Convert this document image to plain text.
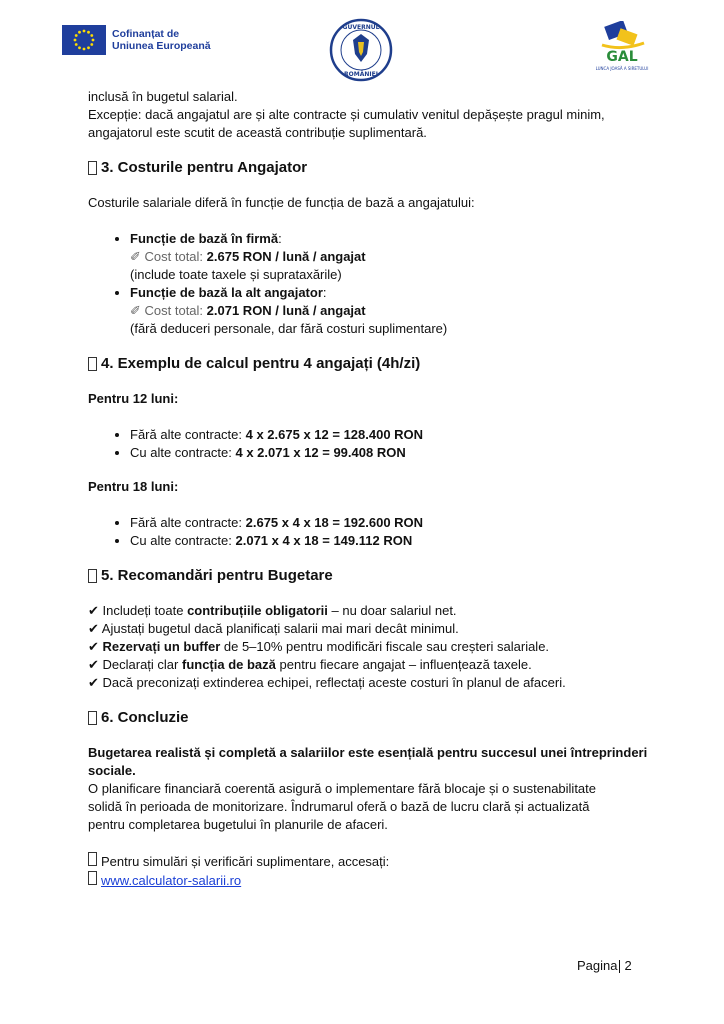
Cofinanțat de
Uniunea Europeană
GUVERNUL
ROMÂNIEI
GAL
LUNCA JOASĂ A SIRETULUI

inclusă în bugetul salarial.

Excepție: dacă angajatul are și alte contracte și cumulativ venitul depășește pragul minim,

angajatorul este scutit de această contribuție suplimentară.

3. Costurile pentru Angajator

Costurile salariale diferă în funcție de funcția de bază a angajatului:

• Funcție de bază în firmă:
✐ Cost total: 2.675 RON / lună / angajat
(include toate taxele și supratаxările)
• Funcție de bază la alt angajator:
✐ Cost total: 2.071 RON / lună / angajat
(fără deduceri personale, dar fără costuri suplimentare)
4. Exemplu de calcul pentru 4 angajați (4h/zi)

Pentru 12 luni:

• Fără alte contracte: 4 x 2.675 x 12 = 128.400 RON
• Cu alte contracte: 4 x 2.071 x 12 = 99.408 RON

Pentru 18 luni:

• Fără alte contracte: 2.675 x 4 x 18 = 192.600 RON
• Cu alte contracte: 2.071 x 4 x 18 = 149.112 RON
5. Recomandări pentru Bugetare

✔ Includeți toate contribuțiile obligatorii – nu doar salariul net.

✔ Ajustați bugetul dacă planificați salarii mai mari decât minimul.

✔ Rezervați un buffer de 5–10% pentru modificări fiscale sau creșteri salariale.

✔ Declarați clar funcția de bază pentru fiecare angajat – influențează taxele.

✔ Dacă preconizați extinderea echipei, reflectați aceste costuri în planul de afaceri.

6. Concluzie

Bugetarea realistă și completă a salariilor este esențială pentru succesul unei întreprinderi

sociale.

O planificare financiară coerentă asigură o implementare fără blocaje și o sustenabilitate

solidă în perioada de monitorizare. Îndrumarul oferă o bază de lucru clară și actualizată

pentru completarea bugetului în planurile de afaceri.

Pentru simulări și verificări suplimentare, accesați:

www.calculator-salarii.ro

Pagina 2
